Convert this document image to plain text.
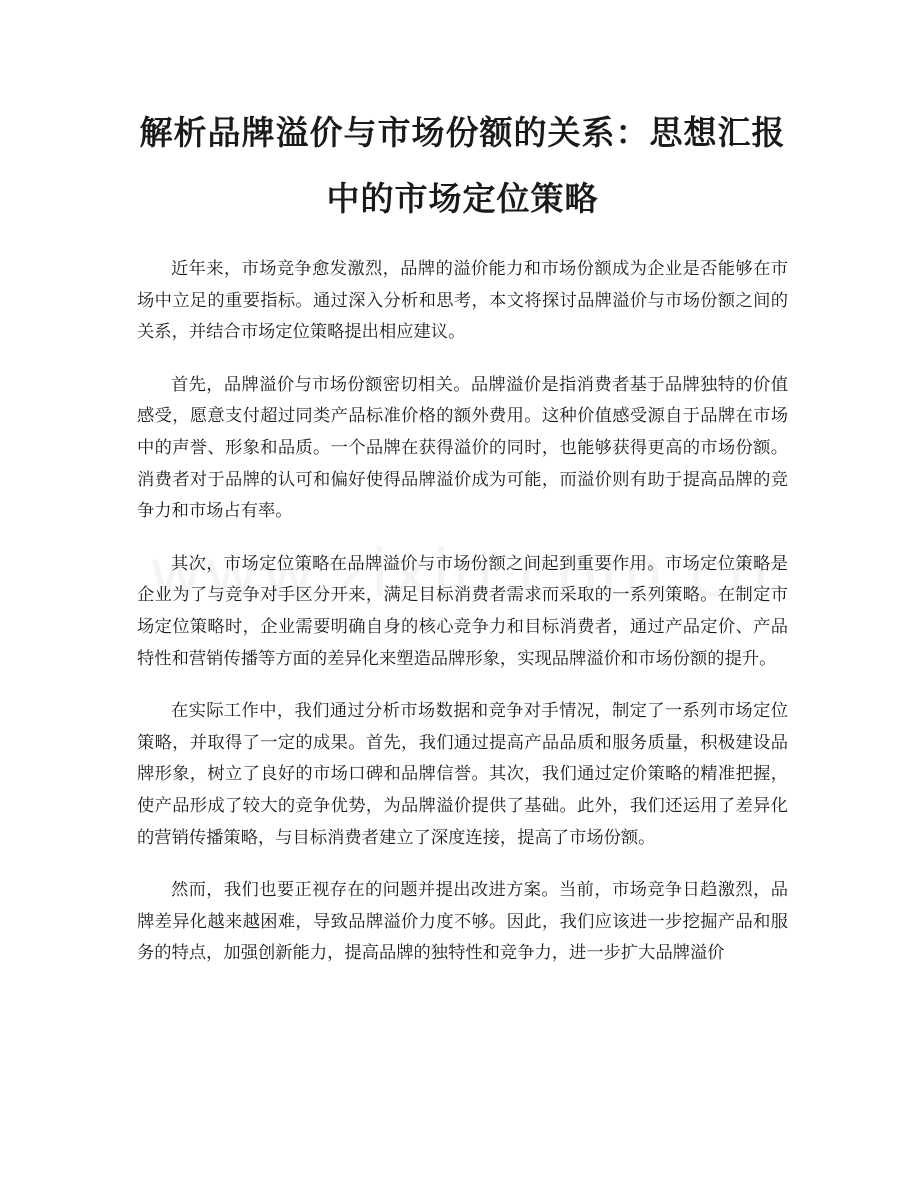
解析品牌溢价与市场份额的关系：思想汇报
中的市场定位策略

近年来，市场竞争愈发激烈，品牌的溢价能力和市场份额成为企业是否能够在市场中立足的重要指标。通过深入分析和思考，本文将探讨品牌溢价与市场份额之间的关系，并结合市场定位策略提出相应建议。

首先，品牌溢价与市场份额密切相关。品牌溢价是指消费者基于品牌独特的价值感受，愿意支付超过同类产品标准价格的额外费用。这种价值感受源自于品牌在市场中的声誉、形象和品质。一个品牌在获得溢价的同时，也能够获得更高的市场份额。消费者对于品牌的认可和偏好使得品牌溢价成为可能，而溢价则有助于提高品牌的竞争力和市场占有率。

其次，市场定位策略在品牌溢价与市场份额之间起到重要作用。市场定位策略是企业为了与竞争对手区分开来，满足目标消费者需求而采取的一系列策略。在制定市场定位策略时，企业需要明确自身的核心竞争力和目标消费者，通过产品定价、产品特性和营销传播等方面的差异化来塑造品牌形象，实现品牌溢价和市场份额的提升。

在实际工作中，我们通过分析市场数据和竞争对手情况，制定了一系列市场定位策略，并取得了一定的成果。首先，我们通过提高产品品质和服务质量，积极建设品牌形象，树立了良好的市场口碑和品牌信誉。其次，我们通过定价策略的精准把握，使产品形成了较大的竞争优势，为品牌溢价提供了基础。此外，我们还运用了差异化的营销传播策略，与目标消费者建立了深度连接，提高了市场份额。

然而，我们也要正视存在的问题并提出改进方案。当前，市场竞争日趋激烈，品牌差异化越来越困难，导致品牌溢价力度不够。因此，我们应该进一步挖掘产品和服务的特点，加强创新能力，提高品牌的独特性和竞争力，进一步扩大品牌溢价
